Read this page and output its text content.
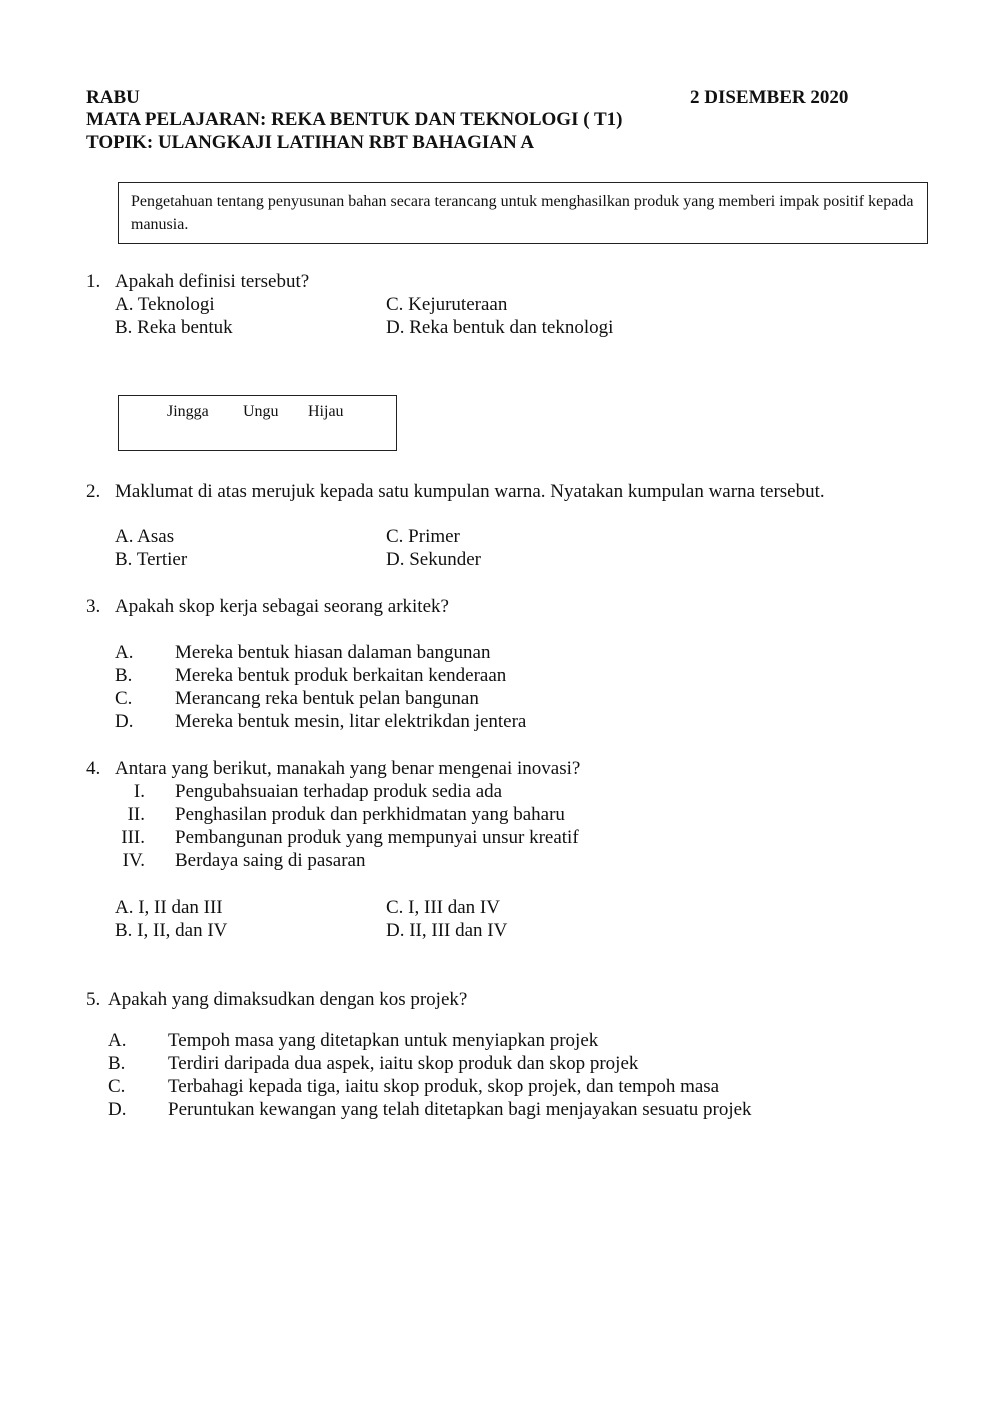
RABU	2 DISEMBER 2020
MATA PELAJARAN: REKA BENTUK DAN TEKNOLOGI ( T1)
TOPIK: ULANGKAJI LATIHAN RBT BAHAGIAN A
Pengetahuan tentang penyusunan bahan secara terancang untuk menghasilkan produk yang memberi impak positif kepada manusia.
1. Apakah definisi tersebut?
A. Teknologi	C. Kejuruteraan
B. Reka bentuk	D. Reka bentuk dan teknologi
Jingga Ungu Hijau
2. Maklumat di atas merujuk kepada satu kumpulan warna. Nyatakan kumpulan warna tersebut.
A. Asas	C. Primer
B. Tertier	D. Sekunder
3. Apakah skop kerja sebagai seorang arkitek?
A. Mereka bentuk hiasan dalaman bangunan
B. Mereka bentuk produk berkaitan kenderaan
C. Merancang reka bentuk pelan bangunan
D. Mereka bentuk mesin, litar elektrikdan jentera
4. Antara yang berikut, manakah yang benar mengenai inovasi?
I. Pengubahsuaian terhadap produk sedia ada
II. Penghasilan produk dan perkhidmatan yang baharu
III. Pembangunan produk yang mempunyai unsur kreatif
IV. Berdaya saing di pasaran
A. I, II dan III	C. I, III dan IV
B. I, II, dan IV	D. II, III dan IV
5. Apakah yang dimaksudkan dengan kos projek?
A. Tempoh masa yang ditetapkan untuk menyiapkan projek
B. Terdiri daripada dua aspek, iaitu skop produk dan skop projek
C. Terbahagi kepada tiga, iaitu skop produk, skop projek, dan tempoh masa
D. Peruntukan kewangan yang telah ditetapkan bagi menjayakan sesuatu projek
